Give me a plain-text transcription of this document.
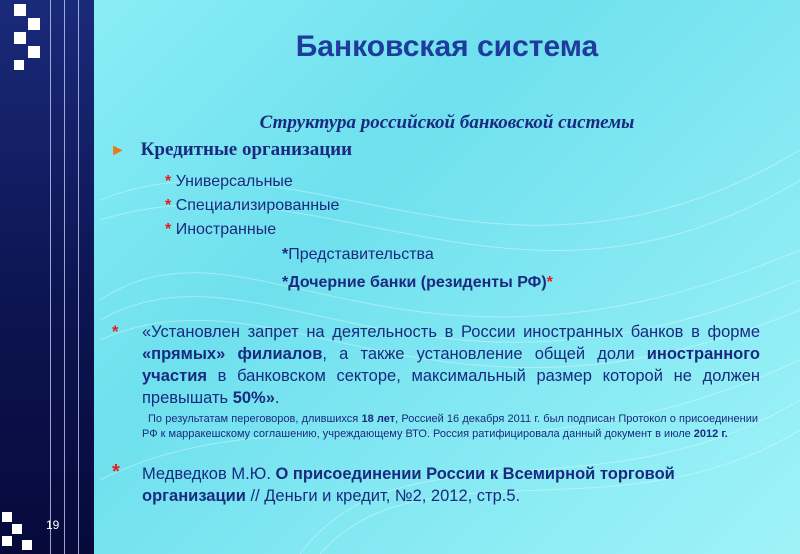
Банковская система
Структура российской банковской системы
► Кредитные организации
* Универсальные
* Специализированные
* Иностранные
*Представительства
*Дочерние банки (резиденты РФ)*
* «Установлен запрет на деятельность в России иностранных банков в форме «прямых» филиалов, а также установление общей доли иностранного участия в банковском секторе, максимальный размер которой не должен превышать 50%».
По результатам переговоров, длившихся 18 лет, Россией 16 декабря 2011 г. был подписан Протокол о присоединении РФ к марракешскому соглашению, учреждающему ВТО. Россия ратифицировала данный документ в июле 2012 г.
* Медведков М.Ю. О присоединении России к Всемирной торговой организации // Деньги и кредит, №2, 2012, стр.5.
19
